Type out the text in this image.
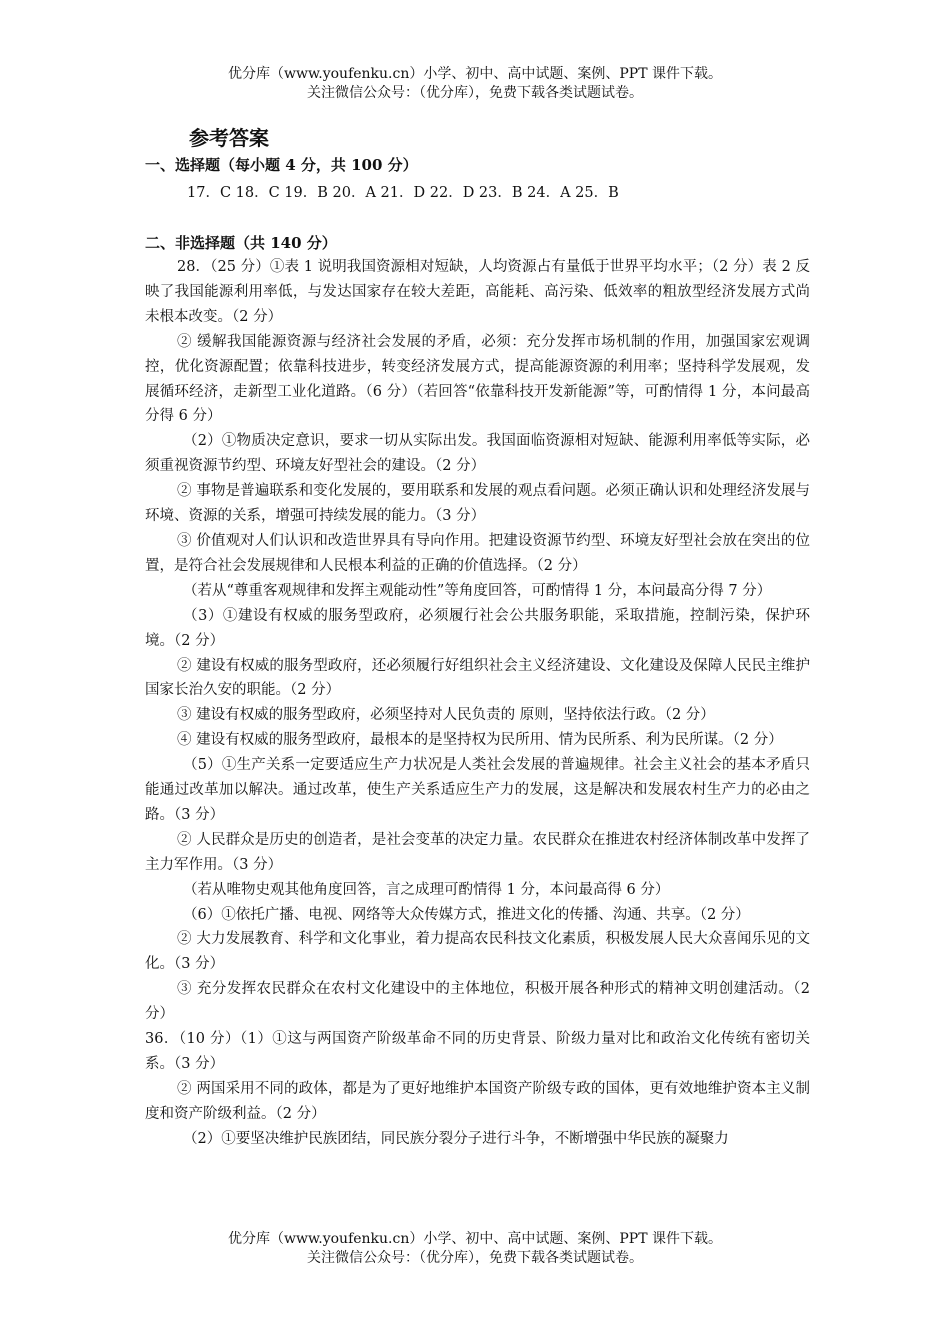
优分库（www.youfenku.cn）小学、初中、高中试题、案例、PPT 课件下载。
关注微信公众号：（优分库），免费下载各类试题试卷。
参考答案
一、选择题（每小题 4 分，共 100 分）
17．C 18．C 19．B 20．A 21．D 22．D 23．B 24．A 25．B
二、非选择题（共 140 分）
28．（25 分）①表 1 说明我国资源相对短缺，人均资源占有量低于世界平均水平；（2 分）表 2 反映了我国能源利用率低，与发达国家存在较大差距，高能耗、高污染、低效率的粗放型经济发展方式尚未根本改变。（2 分）
② 缓解我国能源资源与经济社会发展的矛盾，必须：充分发挥市场机制的作用，加强国家宏观调控，优化资源配置；依靠科技进步，转变经济发展方式，提高能源资源的利用率；坚持科学发展观，发展循环经济，走新型工业化道路。（6 分）（若回答“依靠科技开发新能源”等，可酌情得 1 分，本问最高分得 6 分）
（2）①物质决定意识，要求一切从实际出发。我国面临资源相对短缺、能源利用率低等实际，必须重视资源节约型、环境友好型社会的建设。（2 分）
② 事物是普遍联系和变化发展的，要用联系和发展的观点看问题。必须正确认识和处理经济发展与环境、资源的关系，增强可持续发展的能力。（3 分）
③ 价值观对人们认识和改造世界具有导向作用。把建设资源节约型、环境友好型社会放在突出的位置，是符合社会发展规律和人民根本利益的正确的价值选择。（2 分）
（若从“尊重客观规律和发挥主观能动性”等角度回答，可酌情得 1 分，本问最高分得 7 分）
（3）①建设有权威的服务型政府，必须履行社会公共服务职能，采取措施，控制污染，保护环境。（2 分）
② 建设有权威的服务型政府，还必须履行好组织社会主义经济建设、文化建设及保障人民民主维护国家长治久安的职能。（2 分）
③ 建设有权威的服务型政府，必须坚持对人民负责的 原则，坚持依法行政。（2 分）
④ 建设有权威的服务型政府，最根本的是坚持权为民所用、情为民所系、利为民所谋。（2 分）
（5）①生产关系一定要适应生产力状况是人类社会发展的普遍规律。社会主义社会的基本矛盾只能通过改革加以解决。通过改革，使生产关系适应生产力的发展，这是解决和发展农村生产力的必由之路。（3 分）
② 人民群众是历史的创造者，是社会变革的决定力量。农民群众在推进农村经济体制改革中发挥了主力军作用。（3 分）
（若从唯物史观其他角度回答，言之成理可酌情得 1 分，本问最高得 6 分）
（6）①依托广播、电视、网络等大众传媒方式，推进文化的传播、沟通、共享。（2 分）
② 大力发展教育、科学和文化事业，着力提高农民科技文化素质，积极发展人民大众喜闻乐见的文化。（3 分）
③ 充分发挥农民群众在农村文化建设中的主体地位，积极开展各种形式的精神文明创建活动。（2 分）
36．（10 分）（1）①这与两国资产阶级革命不同的历史背景、阶级力量对比和政治文化传统有密切关系。（3 分）
② 两国采用不同的政体，都是为了更好地维护本国资产阶级专政的国体，更有效地维护资本主义制度和资产阶级利益。（2 分）
（2）①要坚决维护民族团结，同民族分裂分子进行斗争，不断增强中华民族的凝聚力
优分库（www.youfenku.cn）小学、初中、高中试题、案例、PPT 课件下载。
关注微信公众号：（优分库），免费下载各类试题试卷。
